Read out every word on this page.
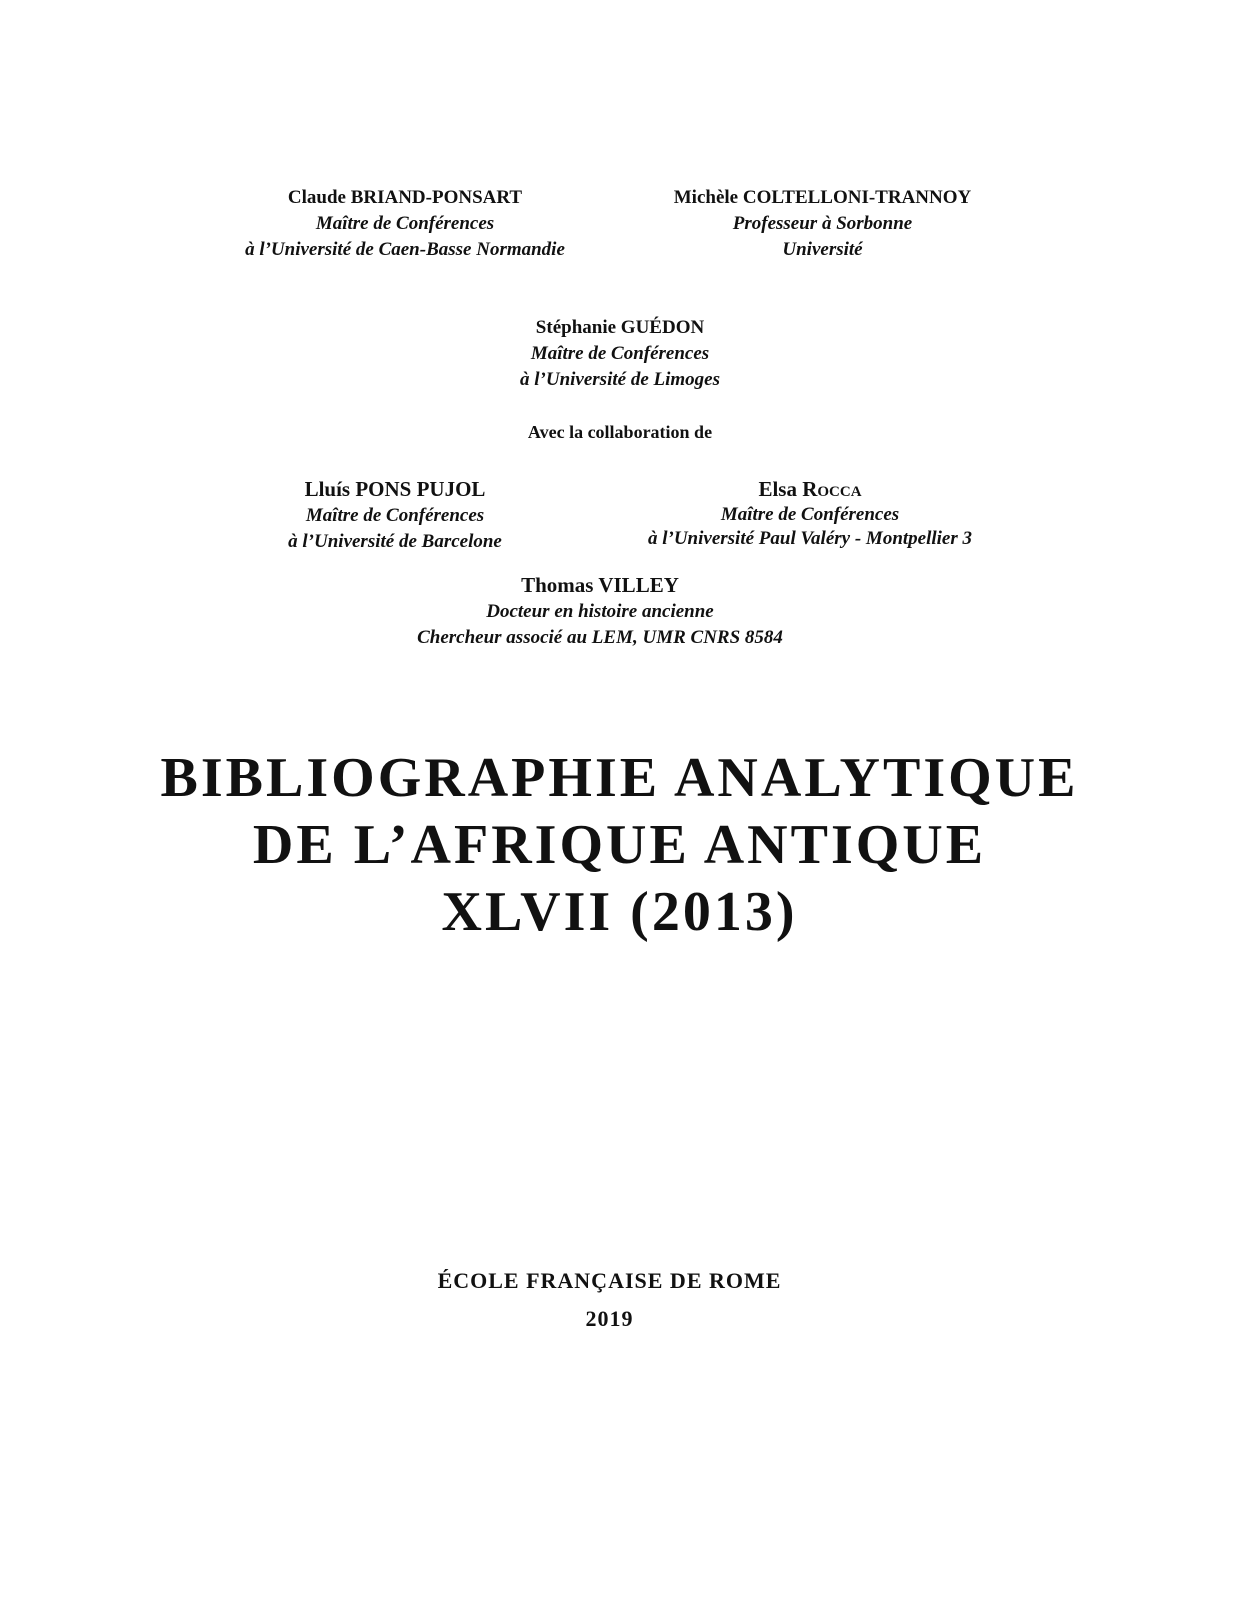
Claude BRIAND-PONSART
Maître de Conférences
à l’Université de Caen-Basse Normandie
Michèle COLTELLONI-TRANNOY
Professeur à Sorbonne
Université
Stéphanie GUÉDON
Maître de Conférences
à l’Université de Limoges
Avec la collaboration de
Lluís PONS PUJOL
Maître de Conférences
à l’Université de Barcelone
Elsa Rocca
Maître de Conférences
à l’Université Paul Valéry - Montpellier 3
Thomas VILLEY
Docteur en histoire ancienne
Chercheur associé au LEM, UMR CNRS 8584
BIBLIOGRAPHIE ANALYTIQUE
DE L’AFRIQUE ANTIQUE
XLVII (2013)
ÉCOLE FRANÇAISE DE ROME
2019
